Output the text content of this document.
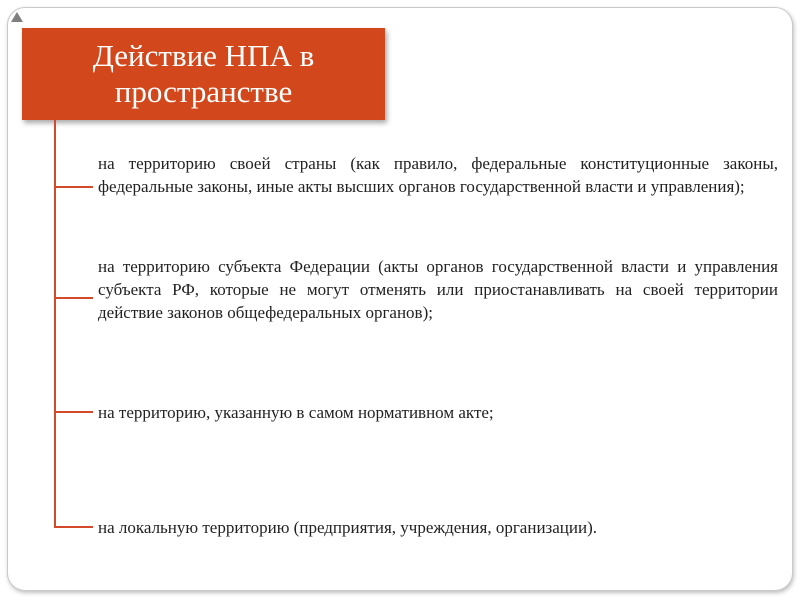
Действие НПА в пространстве
на территорию своей страны (как правило, федеральные конституционные законы, федеральные законы, иные акты высших органов государственной власти и управления);
на территорию субъекта Федерации (акты органов государственной власти и управления субъекта РФ, которые не могут отменять или приостанавливать на своей территории действие законов общефедеральных органов);
на территорию, указанную в самом нормативном акте;
на локальную территорию (предприятия, учреждения, организации).
